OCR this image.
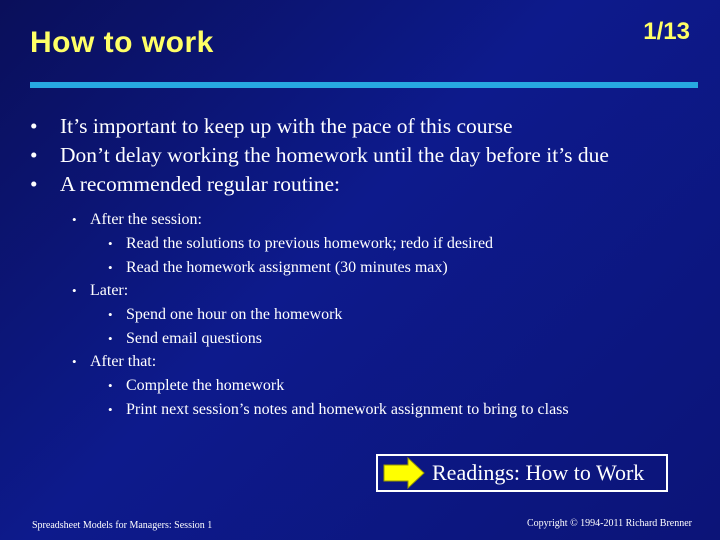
How to work	1/13
•	It’s important to keep up with the pace of this course
•	Don’t delay working the homework until the day before it’s due
•	A recommended regular routine:
• After the session:
• Read the solutions to previous homework; redo if desired
• Read the homework assignment (30 minutes max)
• Later:
• Spend one hour on the homework
• Send email questions
• After that:
• Complete the homework
• Print next session’s notes and homework assignment to bring to class
Readings: How to Work
Spreadsheet Models for Managers: Session 1	Copyright © 1994-2011 Richard Brenner
